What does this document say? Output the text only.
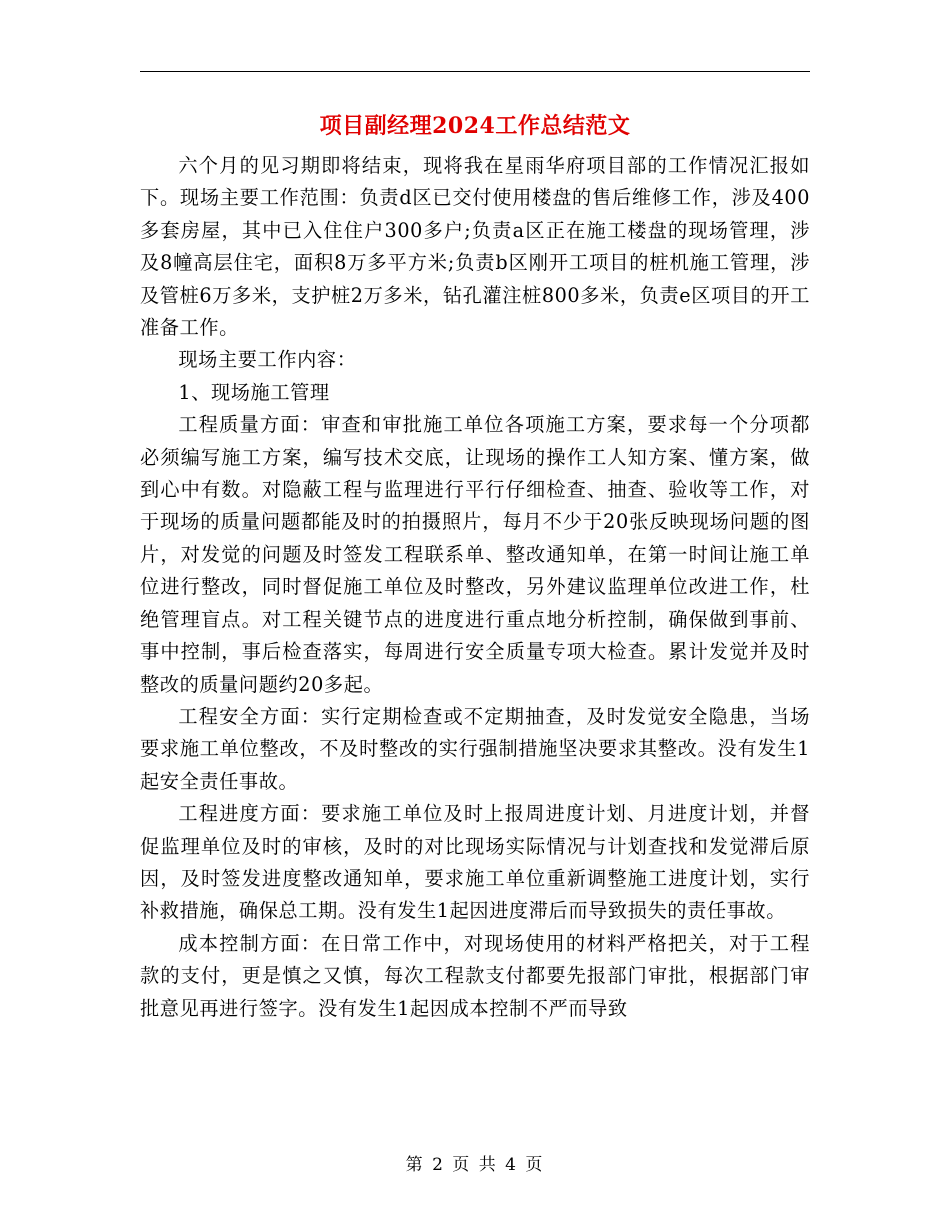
项目副经理2024工作总结范文

六个月的见习期即将结束，现将我在星雨华府项目部的工作情况汇报如下。现场主要工作范围：负责d区已交付使用楼盘的售后维修工作，涉及400多套房屋，其中已入住住户300多户;负责a区正在施工楼盘的现场管理，涉及8幢高层住宅，面积8万多平方米;负责b区刚开工项目的桩机施工管理，涉及管桩6万多米，支护桩2万多米，钻孔灌注桩800多米，负责e区项目的开工准备工作。

现场主要工作内容：

1、现场施工管理

工程质量方面：审查和审批施工单位各项施工方案，要求每一个分项都必须编写施工方案，编写技术交底，让现场的操作工人知方案、懂方案，做到心中有数。对隐蔽工程与监理进行平行仔细检查、抽查、验收等工作，对于现场的质量问题都能及时的拍摄照片，每月不少于20张反映现场问题的图片，对发觉的问题及时签发工程联系单、整改通知单，在第一时间让施工单位进行整改，同时督促施工单位及时整改，另外建议监理单位改进工作，杜绝管理盲点。对工程关键节点的进度进行重点地分析控制，确保做到事前、事中控制，事后检查落实，每周进行安全质量专项大检查。累计发觉并及时整改的质量问题约20多起。

工程安全方面：实行定期检查或不定期抽查，及时发觉安全隐患，当场要求施工单位整改，不及时整改的实行强制措施坚决要求其整改。没有发生1起安全责任事故。

工程进度方面：要求施工单位及时上报周进度计划、月进度计划，并督促监理单位及时的审核，及时的对比现场实际情况与计划查找和发觉滞后原因，及时签发进度整改通知单，要求施工单位重新调整施工进度计划，实行补救措施，确保总工期。没有发生1起因进度滞后而导致损失的责任事故。

成本控制方面：在日常工作中，对现场使用的材料严格把关，对于工程款的支付，更是慎之又慎，每次工程款支付都要先报部门审批，根据部门审批意见再进行签字。没有发生1起因成本控制不严而导致

第 2 页 共 4 页
